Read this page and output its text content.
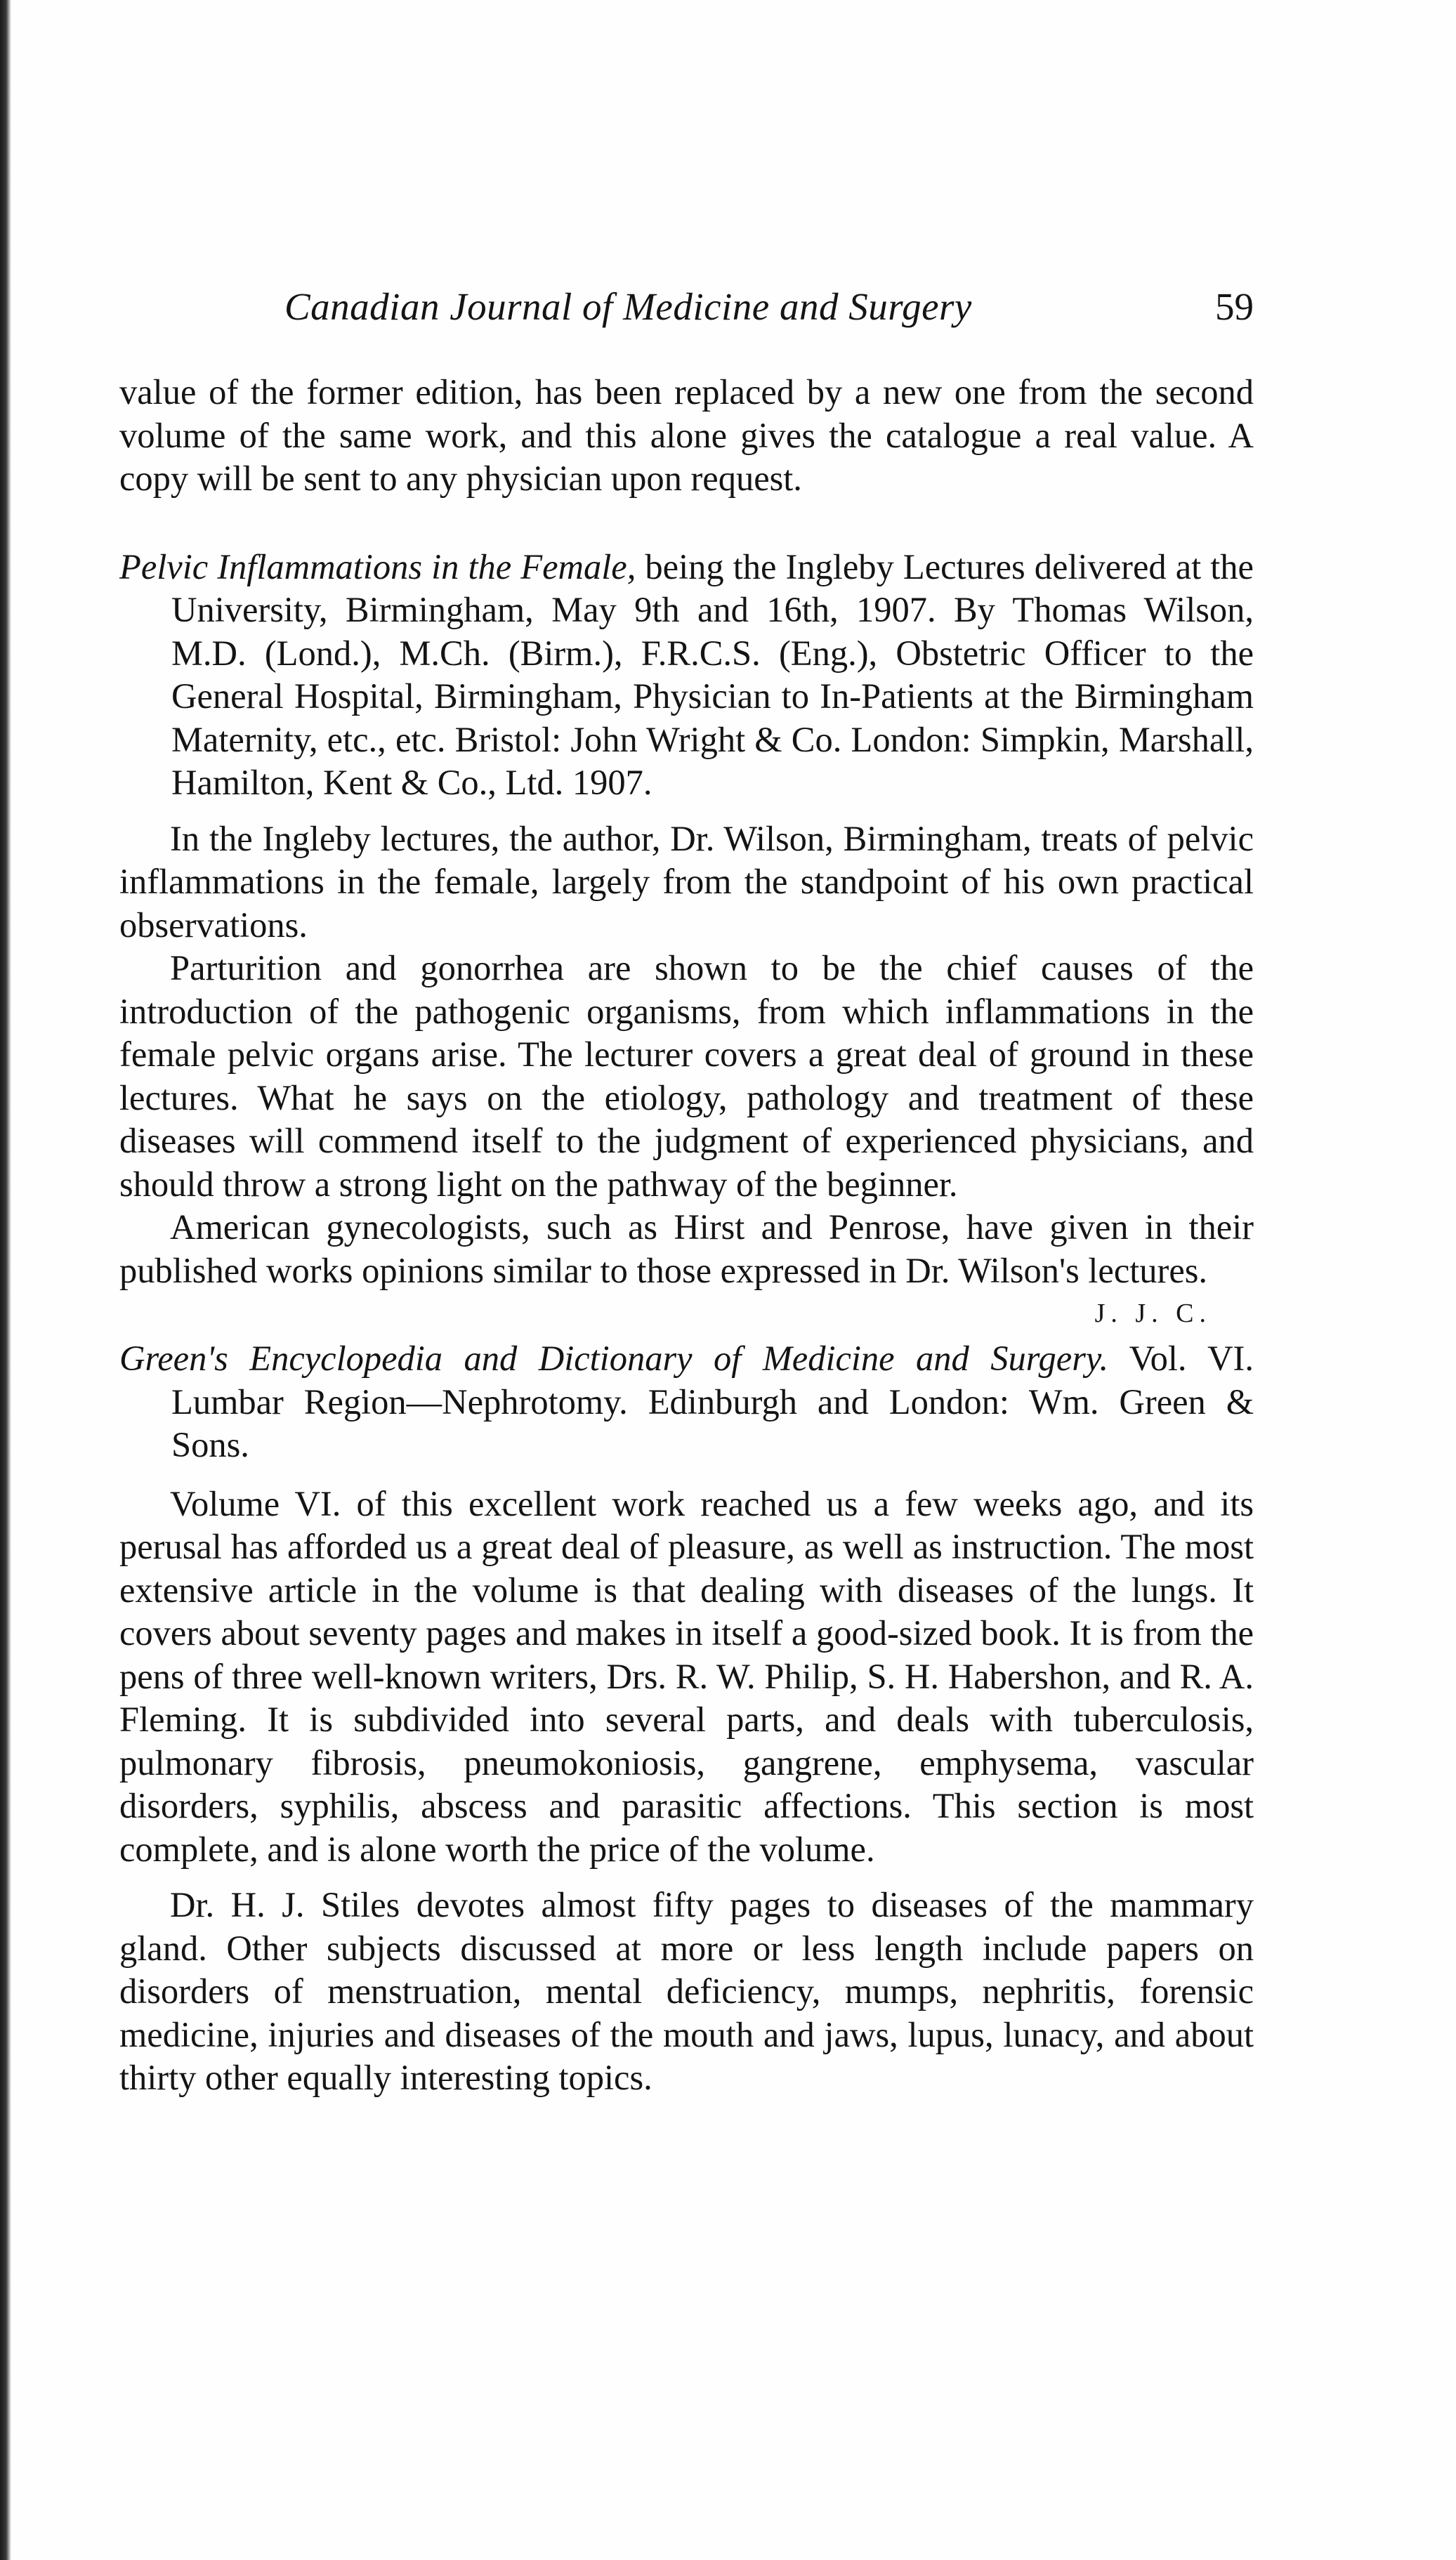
Canadian Journal of Medicine and Surgery	59

value of the former edition, has been replaced by a new one from the second volume of the same work, and this alone gives the catalogue a real value. A copy will be sent to any physician upon request.

Pelvic Inflammations in the Female, being the Ingleby Lectures delivered at the University, Birmingham, May 9th and 16th, 1907. By Thomas Wilson, M.D. (Lond.), M.Ch. (Birm.), F.R.C.S. (Eng.), Obstetric Officer to the General Hospital, Birmingham, Physician to In-Patients at the Birmingham Maternity, etc., etc. Bristol: John Wright & Co. London: Simpkin, Marshall, Hamilton, Kent & Co., Ltd. 1907.

In the Ingleby lectures, the author, Dr. Wilson, Birmingham, treats of pelvic inflammations in the female, largely from the standpoint of his own practical observations.

Parturition and gonorrhea are shown to be the chief causes of the introduction of the pathogenic organisms, from which inflammations in the female pelvic organs arise. The lecturer covers a great deal of ground in these lectures. What he says on the etiology, pathology and treatment of these diseases will commend itself to the judgment of experienced physicians, and should throw a strong light on the pathway of the beginner.

American gynecologists, such as Hirst and Penrose, have given in their published works opinions similar to those expressed in Dr. Wilson's lectures.
J. J. C.

Green's Encyclopedia and Dictionary of Medicine and Surgery. Vol. VI. Lumbar Region—Nephrotomy. Edinburgh and London: Wm. Green & Sons.

Volume VI. of this excellent work reached us a few weeks ago, and its perusal has afforded us a great deal of pleasure, as well as instruction. The most extensive article in the volume is that dealing with diseases of the lungs. It covers about seventy pages and makes in itself a good-sized book. It is from the pens of three well-known writers, Drs. R. W. Philip, S. H. Habershon, and R. A. Fleming. It is subdivided into several parts, and deals with tuberculosis, pulmonary fibrosis, pneumokoniosis, gangrene, emphysema, vascular disorders, syphilis, abscess and parasitic affections. This section is most complete, and is alone worth the price of the volume.

Dr. H. J. Stiles devotes almost fifty pages to diseases of the mammary gland. Other subjects discussed at more or less length include papers on disorders of menstruation, mental deficiency, mumps, nephritis, forensic medicine, injuries and diseases of the mouth and jaws, lupus, lunacy, and about thirty other equally interesting topics.
